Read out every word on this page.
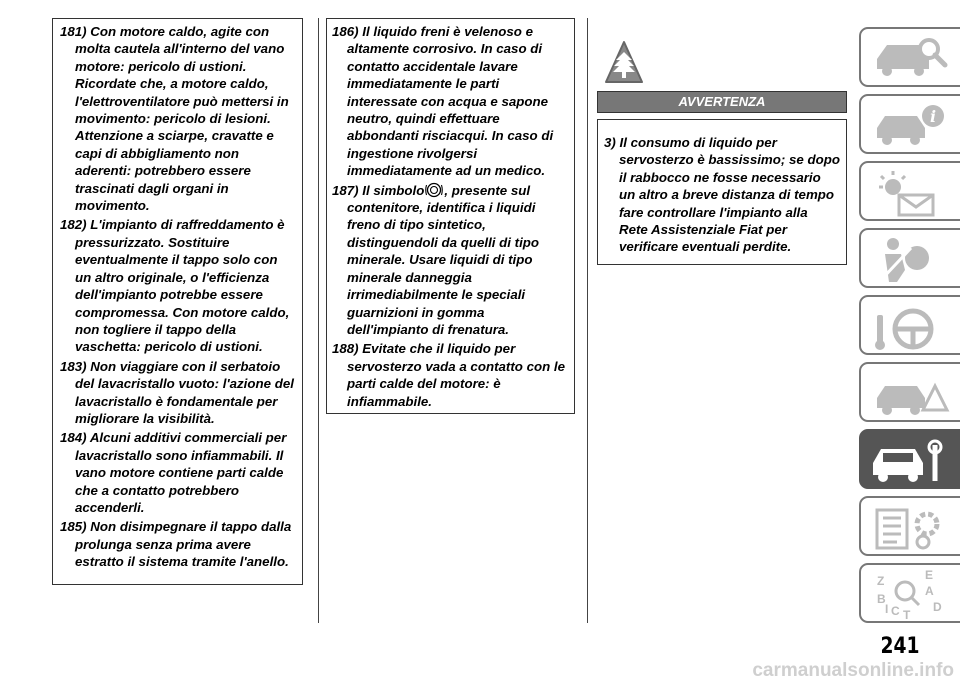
181) Con motore caldo, agite con molta cautela all'interno del vano motore: pericolo di ustioni. Ricordate che, a motore caldo, l'elettroventilatore può mettersi in movimento: pericolo di lesioni. Attenzione a sciarpe, cravatte e capi di abbigliamento non aderenti: potrebbero essere trascinati dagli organi in movimento.

182) L'impianto di raffreddamento è pressurizzato. Sostituire eventualmente il tappo solo con un altro originale, o l'efficienza dell'impianto potrebbe essere compromessa. Con motore caldo, non togliere il tappo della vaschetta: pericolo di ustioni.

183) Non viaggiare con il serbatoio del lavacristallo vuoto: l'azione del lavacristallo è fondamentale per migliorare la visibilità.

184) Alcuni additivi commerciali per lavacristallo sono infiammabili. Il vano motore contiene parti calde che a contatto potrebbero accenderli.

185) Non disimpegnare il tappo dalla prolunga senza prima avere estratto il sistema tramite l'anello.

186) Il liquido freni è velenoso e altamente corrosivo. In caso di contatto accidentale lavare immediatamente le parti interessate con acqua e sapone neutro, quindi effettuare abbondanti risciacqui. In caso di ingestione rivolgersi immediatamente ad un medico.

187) Il simbolo , presente sul contenitore, identifica i liquidi freno di tipo sintetico, distinguendoli da quelli di tipo minerale. Usare liquidi di tipo minerale danneggia irrimediabilmente le speciali guarnizioni in gomma dell'impianto di frenatura.

188) Evitate che il liquido per servosterzo vada a contatto con le parti calde del motore: è infiammabile.

AVVERTENZA

3) Il consumo di liquido per servosterzo è bassissimo; se dopo il rabbocco ne fosse necessario un altro a breve distanza di tempo fare controllare l'impianto alla Rete Assistenziale Fiat per verificare eventuali perdite.

i
Z	E
A
B
C T
D
I
241
carmanualsonline.info
